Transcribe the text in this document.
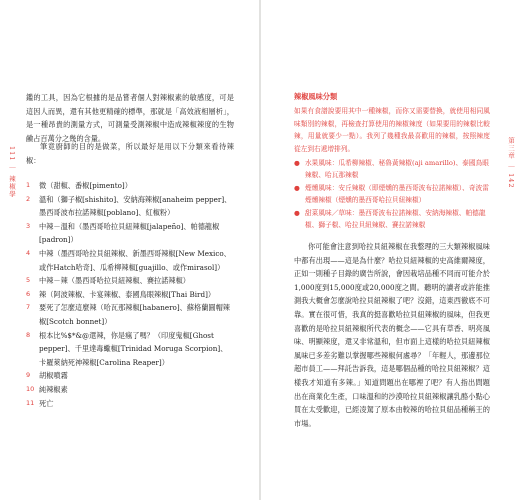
111 ｜ 辣椒學

鑑的工具，因為它根據的是品嘗者個人對辣椒素的敏感度，可是這因人而異，還有其他更精確的標準，那就是「高效液相層析」，是一種昂貴的測量方式，可測量受測辣椒中造成辣椒辣度的生物鹼占百萬分之幾的含量。

筆竟廚師的目的是做菜，所以最好是用以下分類來看待辣椒：

1 微（甜椒、番椒[pimento]）
2 溫和（獅子椒[shishito]、安納海辣椒[anaheim pepper]、墨西哥波布拉諾辣椒[poblano]、紅椒粉）
3 中辣－溫和（墨西哥哈拉貝紐辣椒[jalapeño]、帕德龍椒[padron]）
4 中辣（墨西哥哈拉貝紐辣椒、新墨西哥辣椒[New Mexico、或作Hatch哈奇]、瓜希柳辣椒[guajillo、或作mirasol]）
5 中辣－辣（墨西哥哈拉貝紐辣椒、賽拉諾辣椒）
6 辣（阿波辣椒、卡宴辣椒、泰國鳥眼辣椒[Thai Bird]）
7 要死了怎麼這麼辣（哈瓦那辣椒[habanero]、蘇格蘭圓帽辣椒[Scotch bonnet]）
8 根本比%$*&@還辣，你是瘋了嗎？（印度鬼椒[Ghost pepper]、千里達毒蠍椒[Trinidad Moruga Scorpion]、卡羅萊納死神辣椒[Carolina Reaper]）
9 胡椒噴霧
10 純辣椒素
11 死亡
第三章 ｜ 142
辣椒風味分類

如果有食譜說要用其中一種辣椒，而你又需要替換，就使用相同風味類別的辣椒，再檢查打算使用的辣椒辣度（如果要用的辣椒比較辣，用量就要少一點）。我列了幾種我最喜歡用的辣椒，按照辣度從左到右遞增排列。

● 水果風味：瓜希柳辣椒、秘魯黃辣椒(aji amarillo)、泰國鳥眼辣椒、哈瓦那辣椒
● 煙燻風味：安丘辣椒（即煙燻的墨西哥波布拉諾辣椒）、奇波雷煙燻辣椒（煙燻的墨西哥哈拉貝紐辣椒）
● 甜菜風味／草味：墨西哥波布拉諾辣椒、安納海辣椒、帕德龍椒、獅子椒、哈拉貝紐辣椒、賽拉諾辣椒

你可能會注意到哈拉貝紐辣椒在我整理的三大類辣椒風味中都有出現——這是為什麼？哈拉貝紐辣椒的史高維爾辣度，正如一則種子目錄的廣告所說，會因栽培品種不同而可能介於1,000度到15,000度或20,000度之間。聽明的讀者或許能推測我大概會怎麼說哈拉貝紐辣椒了吧？沒錯，這東西徹底不可靠。實在很可惜，我真的挺喜歡哈拉貝紐辣椒的風味，但我更喜歡的是哈拉貝紐辣椒所代表的概念——它具有草香、明亮風味、明顯辣度，還又非常溫和，但市面上這樣的哈拉貝紐辣椒風味已多差劣難以掌握哪些辣椒何處尋？「年輕人，那邊那位超市員工——拜託告訴我，這是哪個品種的哈拉貝紐辣椒？這樣我才知道有多辣。」知道問題出在哪裡了吧？有人指出問題出在商業化生產，口味溫和的沙漠哈拉貝紐辣椒讓乳酪小點心買在太受歡迎，已經凌駕了原本由較辣的哈拉貝紐品種稱王的市場。
